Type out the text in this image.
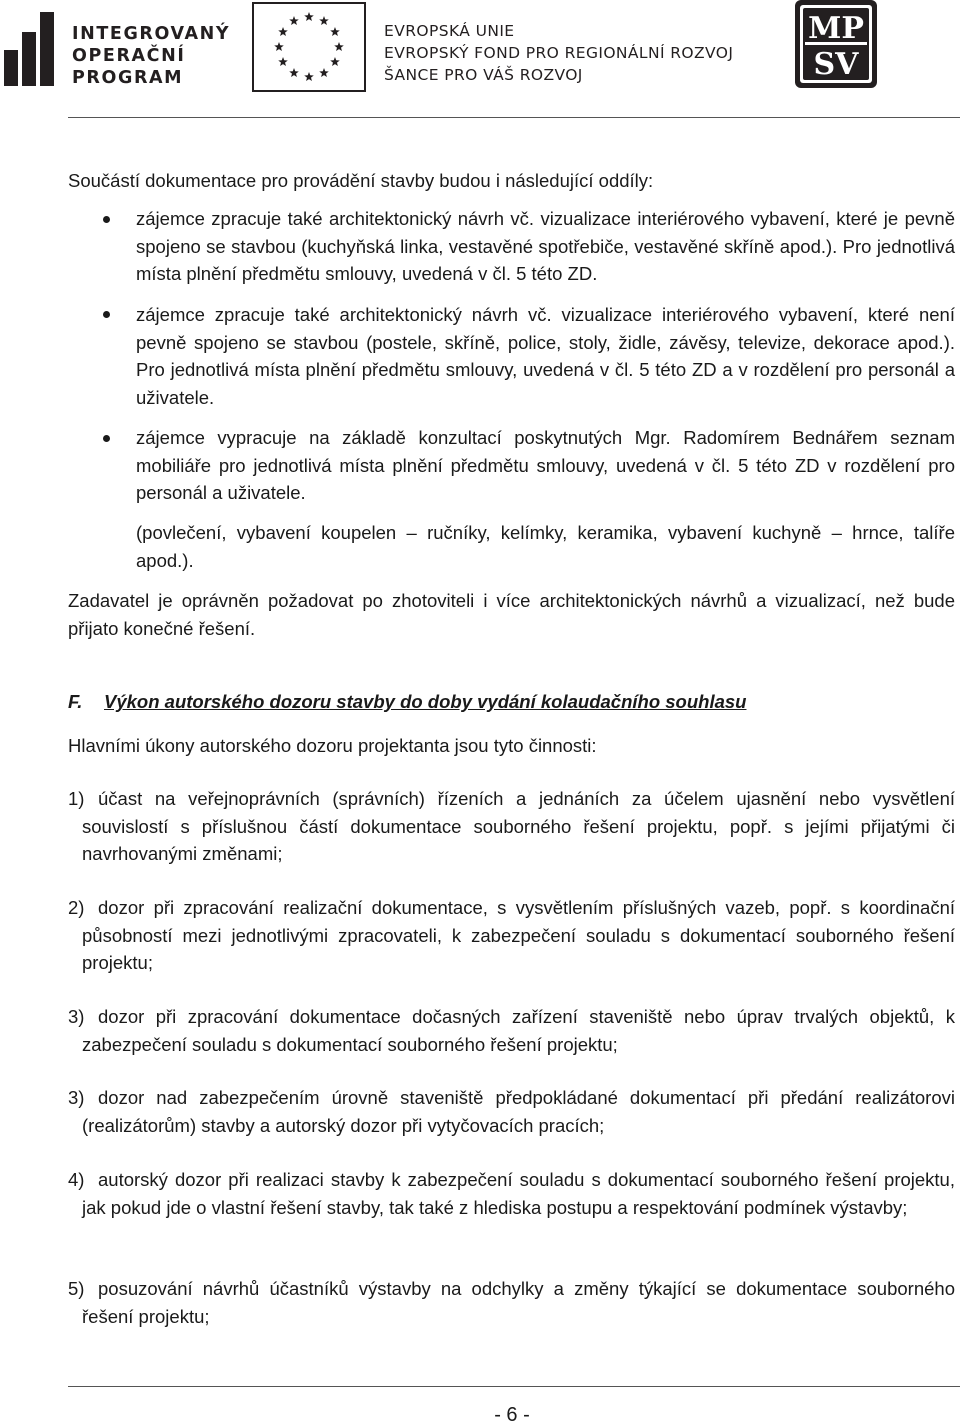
INTEGROVANÝ
OPERAČNÍ
PROGRAM
EVROPSKÁ UNIE
EVROPSKÝ FOND PRO REGIONÁLNÍ ROZVOJ
ŠANCE PRO VÁŠ ROZVOJ
MP
SV
Součástí dokumentace pro provádění stavby budou i následující oddíly:
zájemce zpracuje také architektonický návrh vč. vizualizace interiérového vybavení, které je pevně spojeno se stavbou (kuchyňská linka, vestavěné spotřebiče, vestavěné skříně apod.). Pro jednotlivá místa plnění předmětu smlouvy, uvedená v čl. 5 této ZD.
zájemce zpracuje také architektonický návrh vč. vizualizace interiérového vybavení, které není pevně spojeno se stavbou (postele, skříně, police, stoly, židle, závěsy, televize, dekorace apod.). Pro jednotlivá místa plnění předmětu smlouvy, uvedená v čl. 5 této ZD a v rozdělení pro personál a uživatele.
zájemce vypracuje na základě konzultací poskytnutých Mgr. Radomírem Bednářem seznam mobiliáře pro jednotlivá místa plnění předmětu smlouvy, uvedená v čl. 5 této ZD v rozdělení pro personál a uživatele.
(povlečení, vybavení koupelen – ručníky, kelímky, keramika, vybavení kuchyně – hrnce, talíře apod.).
Zadavatel je oprávněn požadovat po zhotoviteli i více architektonických návrhů a vizualizací, než bude přijato konečné řešení.
F. Výkon autorského dozoru stavby do doby vydání kolaudačního souhlasu
Hlavními úkony autorského dozoru projektanta jsou tyto činnosti:
1) účast na veřejnoprávních (správních) řízeních a jednáních za účelem ujasnění nebo vysvětlení souvislostí s příslušnou částí dokumentace souborného řešení projektu, popř. s jejími přijatými či navrhovanými změnami;
2) dozor při zpracování realizační dokumentace, s vysvětlením příslušných vazeb, popř. s koordinační působností mezi jednotlivými zpracovateli, k zabezpečení souladu s dokumentací souborného řešení projektu;
3) dozor při zpracování dokumentace dočasných zařízení staveniště nebo úprav trvalých objektů, k zabezpečení souladu s dokumentací souborného řešení projektu;
3) dozor nad zabezpečením úrovně staveniště předpokládané dokumentací při předání realizátorovi (realizátorům) stavby a autorský dozor při vytyčovacích pracích;
4) autorský dozor při realizaci stavby k zabezpečení souladu s dokumentací souborného řešení projektu, jak pokud jde o vlastní řešení stavby, tak také z hlediska postupu a respektování podmínek výstavby;
5) posuzování návrhů účastníků výstavby na odchylky a změny týkající se dokumentace souborného řešení projektu;
- 6 -
